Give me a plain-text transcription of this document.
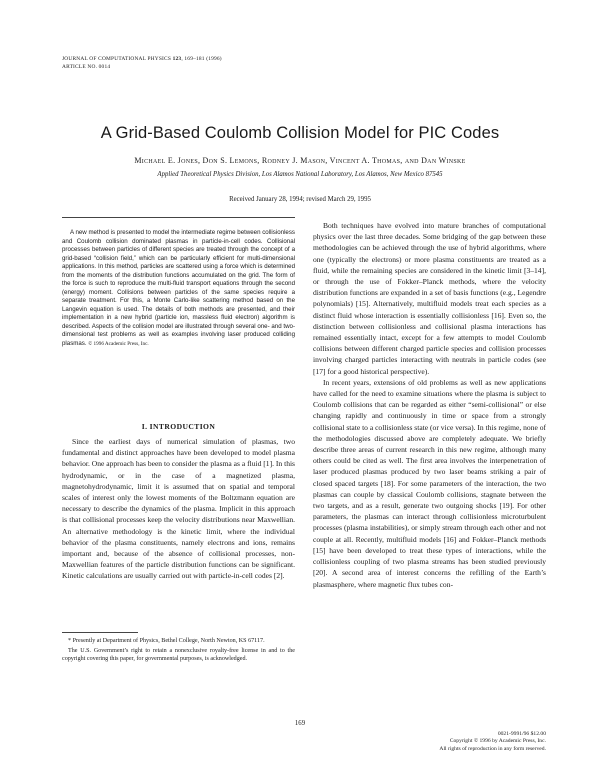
JOURNAL OF COMPUTATIONAL PHYSICS 123, 169–181 (1996)
ARTICLE NO. 0014
A Grid-Based Coulomb Collision Model for PIC Codes
Michael E. Jones, Don S. Lemons, Rodney J. Mason, Vincent A. Thomas, and Dan Winske
Applied Theoretical Physics Division, Los Alamos National Laboratory, Los Alamos, New Mexico 87545
Received January 28, 1994; revised March 29, 1995
A new method is presented to model the intermediate regime between collisionless and Coulomb collision dominated plasmas in particle-in-cell codes. Collisional processes between particles of different species are treated through the concept of a grid-based “collision field,” which can be particularly efficient for multi-dimensional applications. In this method, particles are scattered using a force which is determined from the moments of the distribution functions accumulated on the grid. The form of the force is such to reproduce the multi-fluid transport equations through the second (energy) moment. Collisions between particles of the same species require a separate treatment. For this, a Monte Carlo-like scattering method based on the Langevin equation is used. The details of both methods are presented, and their implementation in a new hybrid (particle ion, massless fluid electron) algorithm is described. Aspects of the collision model are illustrated through several one- and two-dimensional test problems as well as examples involving laser produced colliding plasmas. © 1996 Academic Press, Inc.
I. INTRODUCTION

Since the earliest days of numerical simulation of plasmas, two fundamental and distinct approaches have been developed to model plasma behavior. One approach has been to consider the plasma as a fluid [1]. In this hydrodynamic, or in the case of a magnetized plasma, magnetohydrodynamic, limit it is assumed that on spatial and temporal scales of interest only the lowest moments of the Boltzmann equation are necessary to describe the dynamics of the plasma. Implicit in this approach is that collisional processes keep the velocity distributions near Maxwellian. An alternative methodology is the kinetic limit, where the individual behavior of the plasma constituents, namely electrons and ions, remains important and, because of the absence of collisional processes, non-Maxwellian features of the particle distribution functions can be significant. Kinetic calculations are usually carried out with particle-in-cell codes [2].

* Presently at Department of Physics, Bethel College, North Newton, KS 67117.

The U.S. Government’s right to retain a nonexclusive royalty-free license in and to the copyright covering this paper, for governmental purposes, is acknowledged.

Both techniques have evolved into mature branches of computational physics over the last three decades. Some bridging of the gap between these methodologies can be achieved through the use of hybrid algorithms, where one (typically the electrons) or more plasma constituents are treated as a fluid, while the remaining species are considered in the kinetic limit [3–14], or through the use of Fokker–Planck methods, where the velocity distribution functions are expanded in a set of basis functions (e.g., Legendre polynomials) [15]. Alternatively, multifluid models treat each species as a distinct fluid whose interaction is essentially collisionless [16]. Even so, the distinction between collisionless and collisional plasma interactions has remained essentially intact, except for a few attempts to model Coulomb collisions between different charged particle species and collision processes involving charged particles interacting with neutrals in particle codes (see [17] for a good historical perspective).

In recent years, extensions of old problems as well as new applications have called for the need to examine situations where the plasma is subject to Coulomb collisions that can be regarded as either “semi-collisional” or else changing rapidly and continuously in time or space from a strongly collisional state to a collisionless state (or vice versa). In this regime, none of the methodologies discussed above are completely adequate. We briefly describe three areas of current research in this new regime, although many others could be cited as well. The first area involves the interpenetration of laser produced plasmas produced by two laser beams striking a pair of closed spaced targets [18]. For some parameters of the interaction, the two plasmas can couple by classical Coulomb collisions, stagnate between the two targets, and as a result, generate two outgoing shocks [19]. For other parameters, the plasmas can interact through collisionless microturbulent processes (plasma instabilities), or simply stream through each other and not couple at all. Recently, multifluid models [16] and Fokker–Planck methods [15] have been developed to treat these types of interactions, while the collisionless coupling of two plasma streams has been studied previously [20]. A second area of interest concerns the refilling of the Earth’s plasmasphere, where magnetic flux tubes con-

169
0021-9991/96 $12.00
Copyright © 1996 by Academic Press, Inc.
All rights of reproduction in any form reserved.
